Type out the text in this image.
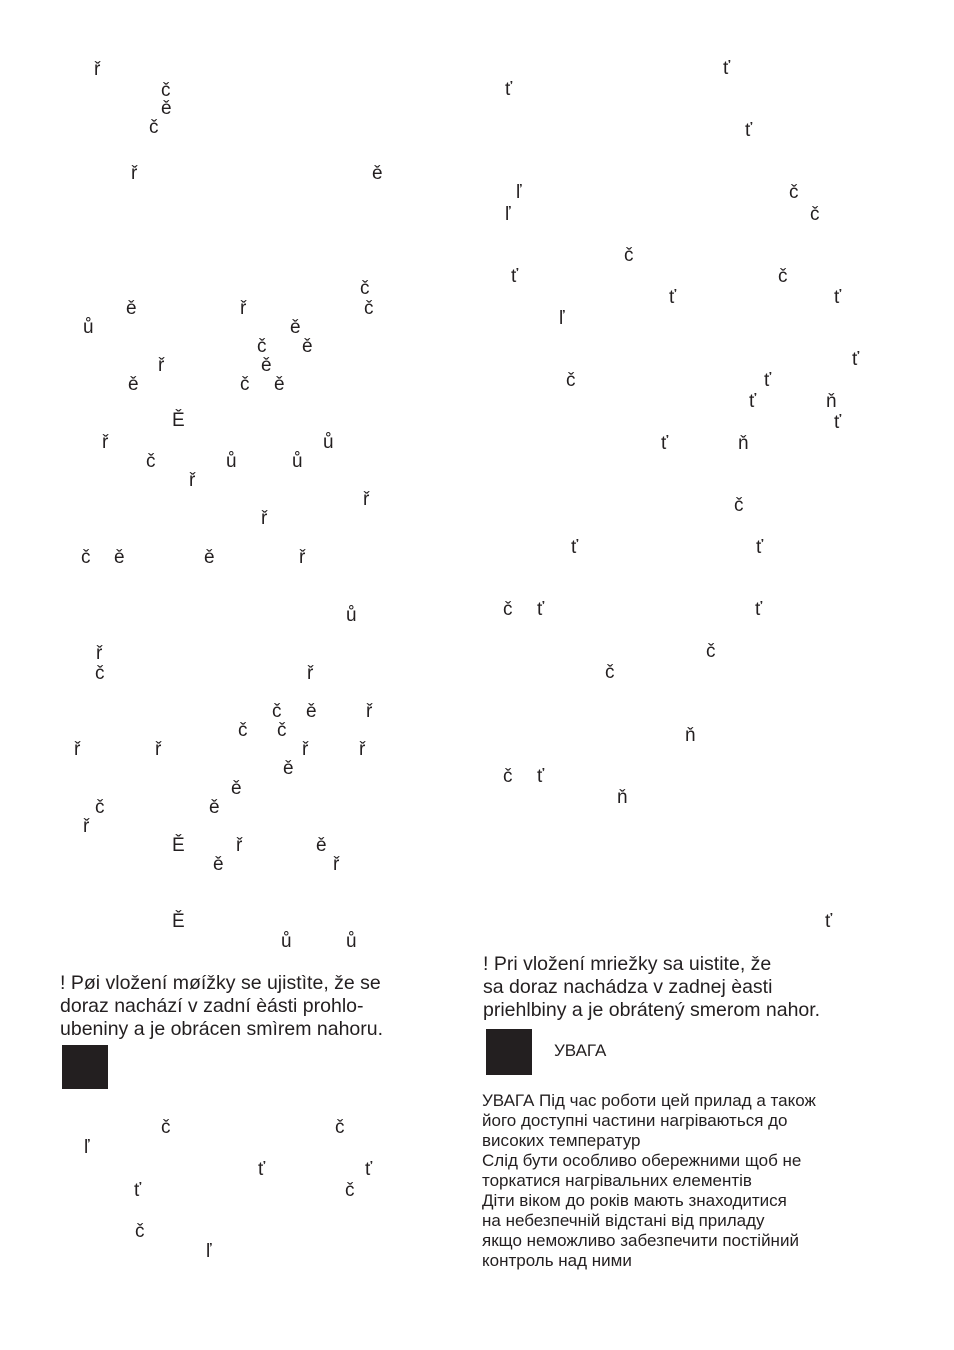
ř
č
ě
č
ř	ě
č
ů
ě	ř	č
ě
č ě
ř	ě
ě	č ě
Ě
ř	ů
č	ů	ů
ř
ř
ř
č ě	ě	ř
ů
ř
č	ř
č ě	ř
č č
ř	ř	ř	ř
ě
ě
č	ě
ř
Ě	ř	ě
ě	ř
Ě
ů	ů
! Pøi vložení møížky se ujistìte, že se
doraz nachází v zadní èásti prohlo-
ubeniny a je obrácen smìrem nahoru.
č	č
ľ
ť	ť
ť	č
č
ľ
ť
ť
ť
ľ	č
ľ	č
č
ť	č
ť	ť
ľ
ť
č	ť
ť	ň
ť
ť	ň
č
ť	ť
č ť	ť
č
č
ň
č ť
ň
ť
! Pri vložení mriežky sa uistite, že
sa doraz nachádza v zadnej èasti
priehlbiny a je obrátený smerom nahor.
УВАГА
УВАГА Під час роботи цей прилад а також
його доступні частини нагріваються до
високих температур
Слід бути особливо обережними щоб не
торкатися нагрівальних елементів
Діти віком до років мають знаходитися
на небезпечній відстані від приладу
якщо неможливо забезпечити постійний
контроль над ними
